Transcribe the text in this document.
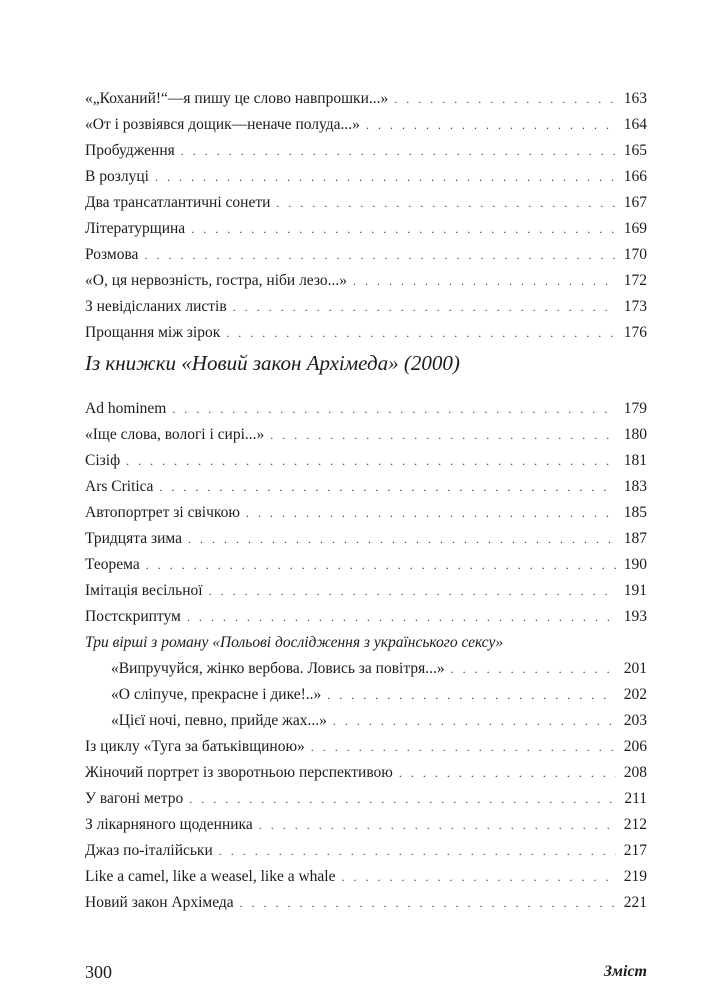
«„Коханий!“—я пишу це слово навпрошки...» . . .	163
«От і розвіявся дощик—неначе полуда...» . . .	164
Пробудження . . .	165
В розлуці . . .	166
Два трансатлантичні сонети . . .	167
Літературщина . . .	169
Розмова . . .	170
«О, ця нервозність, гостра, ніби лезо...» . . .	172
З невідісланих листів . . .	173
Прощання між зірок . . .	176
Із книжки «Новий закон Архімеда» (2000)
Ad hominem . . .	179
«Іще слова, вологі і сирі...» . . .	180
Сізіф . . .	181
Ars Critica . . .	183
Автопортрет зі свічкою . . .	185
Тридцята зима . . .	187
Теорема . . .	190
Імітація весільної . . .	191
Постскриптум . . .	193
Три вірші з роману «Польові дослідження з українського сексу»
«Випручуйся, жінко вербова. Ловись за повітря...» . . .	201
«О сліпуче, прекрасне і дике!..» . . .	202
«Цієї ночі, певно, прийде жах...» . . .	203
Із циклу «Туга за батьківщиною» . . .	206
Жіночий портрет із зворотньою перспективою . . .	208
У вагоні метро . . .	211
З лікарняного щоденника . . .	212
Джаз по-італійськи . . .	217
Like a camel, like a weasel, like a whale . . .	219
Новий закон Архімеда . . .	221
300	Зміст
